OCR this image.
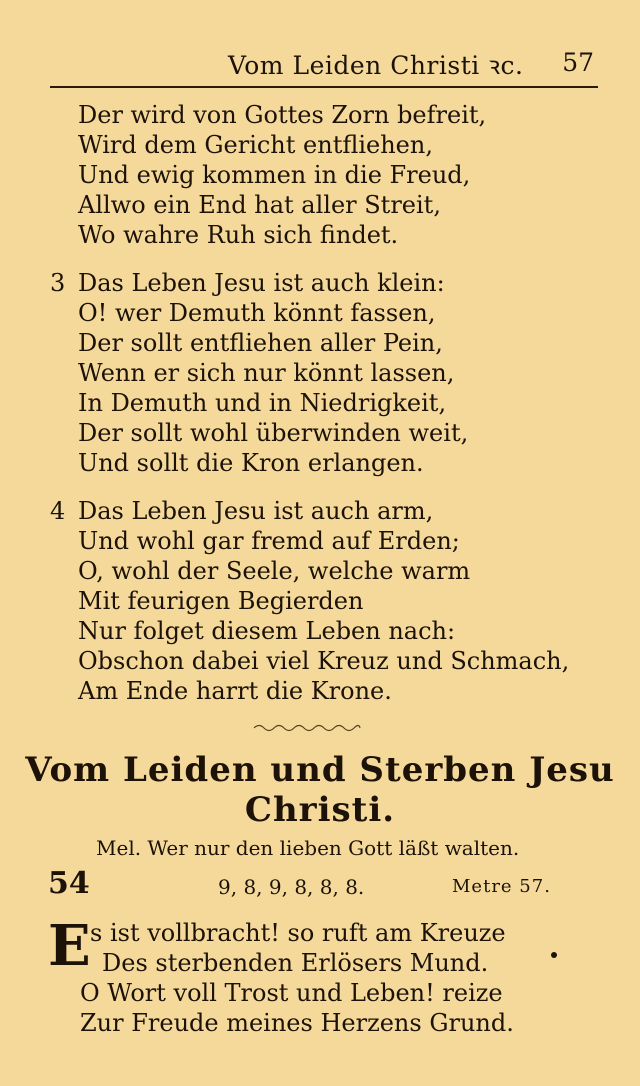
Vom Leiden Christi ꝛc. 57
Der wird von Gottes Zorn befreit,
Wird dem Gericht entfliehen,
Und ewig kommen in die Freud,
Allwo ein End hat aller Streit,
Wo wahre Ruh sich findet.
3 Das Leben Jesu ist auch klein:
O! wer Demuth könnt fassen,
Der sollt entfliehen aller Pein,
Wenn er sich nur könnt lassen,
In Demuth und in Niedrigkeit,
Der sollt wohl überwinden weit,
Und sollt die Kron erlangen.
4 Das Leben Jesu ist auch arm,
Und wohl gar fremd auf Erden;
O, wohl der Seele, welche warm
Mit feurigen Begierden
Nur folget diesem Leben nach:
Obschon dabei viel Kreuz und Schmach,
Am Ende harrt die Krone.
Vom Leiden und Sterben Jesu
Christi.
Mel. Wer nur den lieben Gott läßt walten.
54	9, 8, 9, 8, 8, 8.	Metre 57.
E s ist vollbracht! so ruft am Kreuze
Des sterbenden Erlösers Mund.
O Wort voll Trost und Leben! reize
Zur Freude meines Herzens Grund.
